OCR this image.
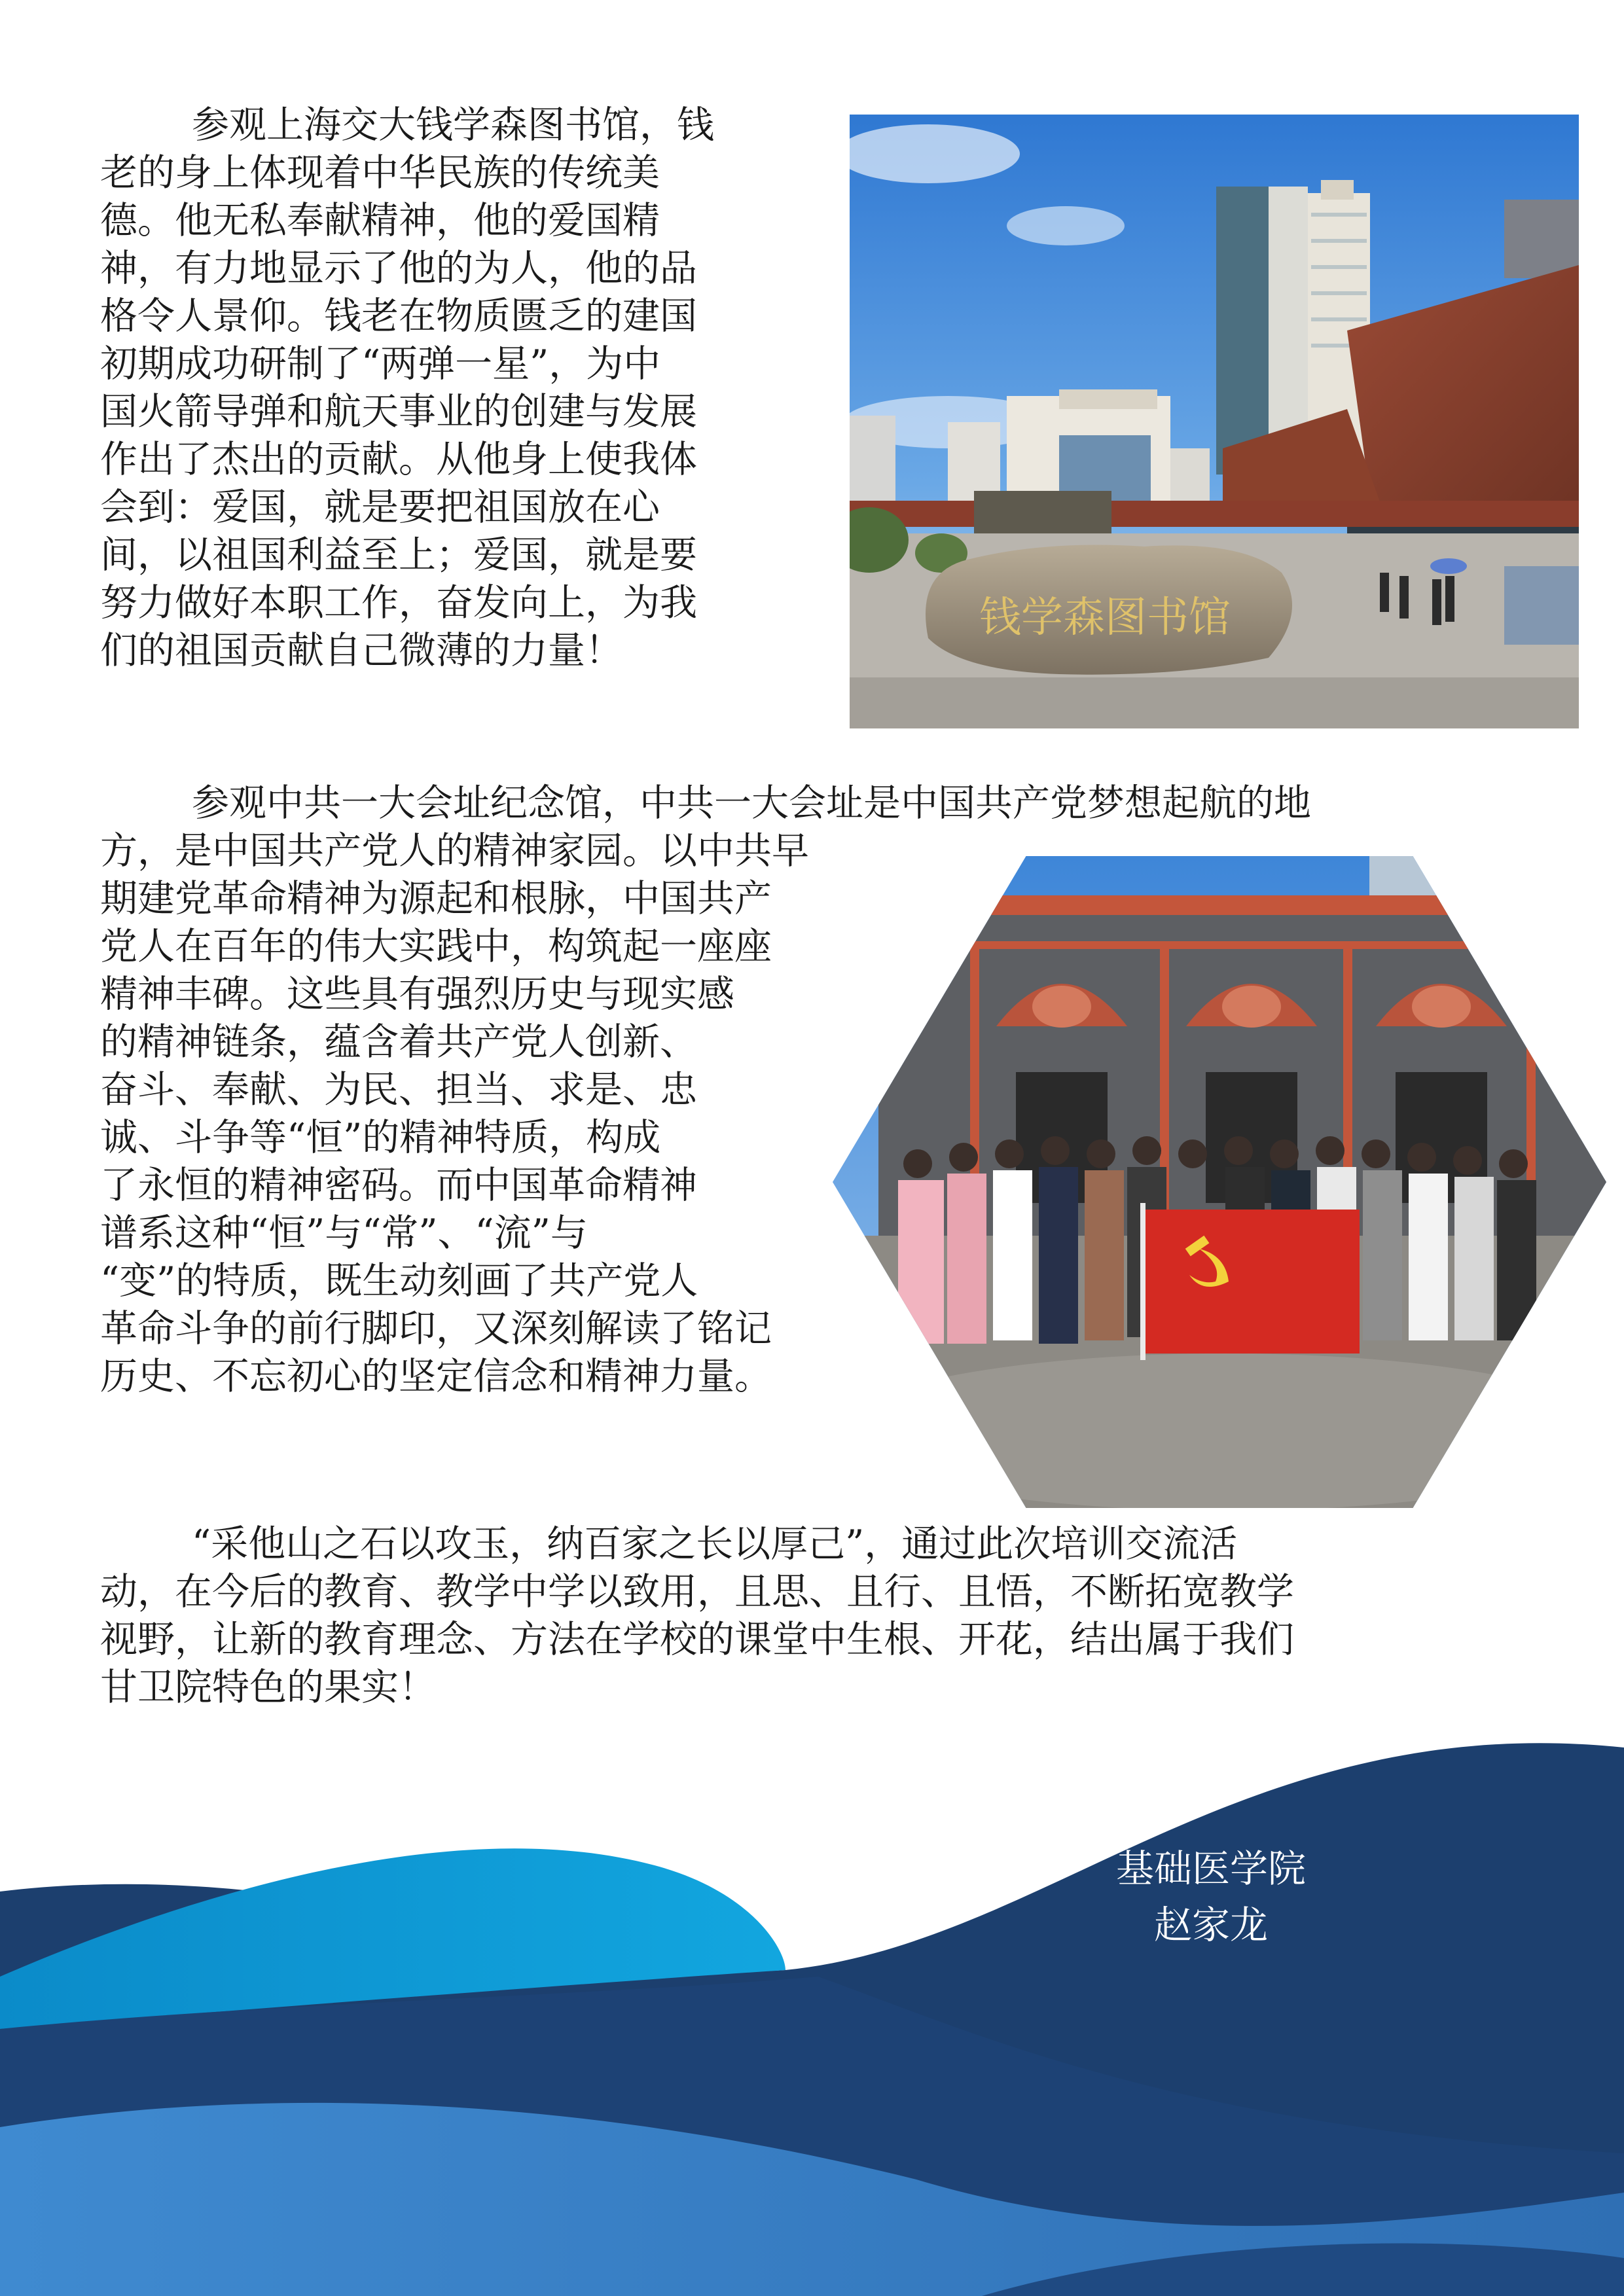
参观上海交大钱学森图书馆，钱
老的身上体现着中华民族的传统美
德。他无私奉献精神，他的爱国精
神，有力地显示了他的为人，他的品
格令人景仰。钱老在物质匮乏的建国
初期成功研制了“两弹一星”，为中
国火箭导弹和航天事业的创建与发展
作出了杰出的贡献。从他身上使我体
会到：爱国，就是要把祖国放在心
间，以祖国利益至上；爱国，就是要
努力做好本职工作，奋发向上，为我
们的祖国贡献自己微薄的力量！
钱学森图书馆
参观中共一大会址纪念馆，中共一大会址是中国共产党梦想起航的地
方，是中国共产党人的精神家园。以中共早
期建党革命精神为源起和根脉，中国共产
党人在百年的伟大实践中，构筑起一座座
精神丰碑。这些具有强烈历史与现实感
的精神链条，蕴含着共产党人创新、
奋斗、奉献、为民、担当、求是、忠
诚、斗争等“恒”的精神特质，构成
了永恒的精神密码。而中国革命精神
谱系这种“恒”与“常”、“流”与
“变”的特质，既生动刻画了共产党人
革命斗争的前行脚印，又深刻解读了铭记
历史、不忘初心的坚定信念和精神力量。
“采他山之石以攻玉，纳百家之长以厚己”，通过此次培训交流活
动，在今后的教育、教学中学以致用，且思、且行、且悟，不断拓宽教学
视野，让新的教育理念、方法在学校的课堂中生根、开花，结出属于我们
甘卫院特色的果实！
基础医学院
赵家龙
